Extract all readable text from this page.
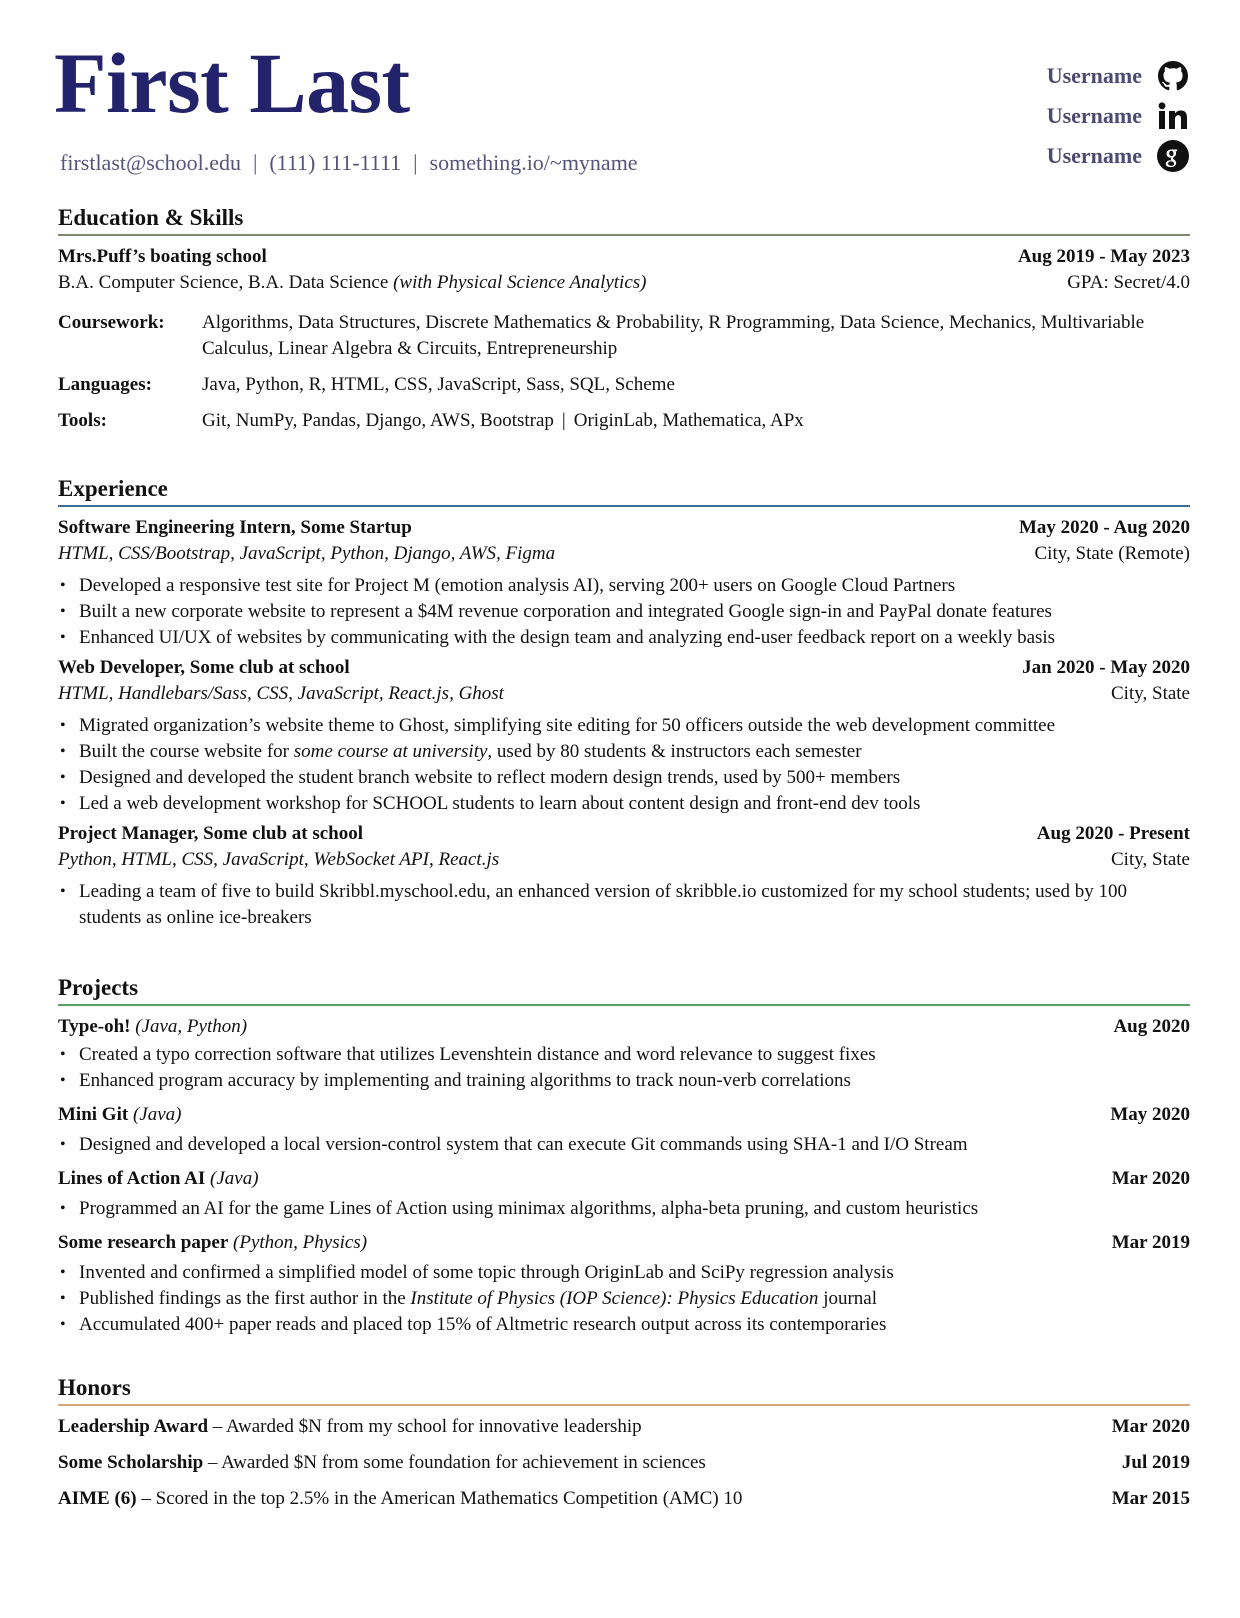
First Last
firstlast@school.edu | (111) 111-1111 | something.io/~myname
Username
Username
Username
Education & Skills
Mrs.Puff’s boating school	Aug 2019 - May 2023
B.A. Computer Science, B.A. Data Science (with Physical Science Analytics)	GPA: Secret/4.0
Coursework:	Algorithms, Data Structures, Discrete Mathematics & Probability, R Programming, Data Science, Mechanics, Multivariable Calculus, Linear Algebra & Circuits, Entrepreneurship
Languages:	Java, Python, R, HTML, CSS, JavaScript, Sass, SQL, Scheme
Tools:	Git, NumPy, Pandas, Django, AWS, Bootstrap | OriginLab, Mathematica, APx
Experience
Software Engineering Intern, Some Startup	May 2020 - Aug 2020
HTML, CSS/Bootstrap, JavaScript, Python, Django, AWS, Figma	City, State (Remote)
• Developed a responsive test site for Project M (emotion analysis AI), serving 200+ users on Google Cloud Partners
• Built a new corporate website to represent a $4M revenue corporation and integrated Google sign-in and PayPal donate features
• Enhanced UI/UX of websites by communicating with the design team and analyzing end-user feedback report on a weekly basis
Web Developer, Some club at school	Jan 2020 - May 2020
HTML, Handlebars/Sass, CSS, JavaScript, React.js, Ghost	City, State
• Migrated organization’s website theme to Ghost, simplifying site editing for 50 officers outside the web development committee
• Built the course website for some course at university, used by 80 students & instructors each semester
• Designed and developed the student branch website to reflect modern design trends, used by 500+ members
• Led a web development workshop for SCHOOL students to learn about content design and front-end dev tools
Project Manager, Some club at school	Aug 2020 - Present
Python, HTML, CSS, JavaScript, WebSocket API, React.js	City, State
• Leading a team of five to build Skribbl.myschool.edu, an enhanced version of skribble.io customized for my school students; used by 100 students as online ice-breakers
Projects
Type-oh! (Java, Python)	Aug 2020
• Created a typo correction software that utilizes Levenshtein distance and word relevance to suggest fixes
• Enhanced program accuracy by implementing and training algorithms to track noun-verb correlations
Mini Git (Java)	May 2020
• Designed and developed a local version-control system that can execute Git commands using SHA-1 and I/O Stream
Lines of Action AI (Java)	Mar 2020
• Programmed an AI for the game Lines of Action using minimax algorithms, alpha-beta pruning, and custom heuristics
Some research paper (Python, Physics)	Mar 2019
• Invented and confirmed a simplified model of some topic through OriginLab and SciPy regression analysis
• Published findings as the first author in the Institute of Physics (IOP Science): Physics Education journal
• Accumulated 400+ paper reads and placed top 15% of Altmetric research output across its contemporaries
Honors
Leadership Award – Awarded $N from my school for innovative leadership	Mar 2020
Some Scholarship – Awarded $N from some foundation for achievement in sciences	Jul 2019
AIME (6) – Scored in the top 2.5% in the American Mathematics Competition (AMC) 10	Mar 2015
